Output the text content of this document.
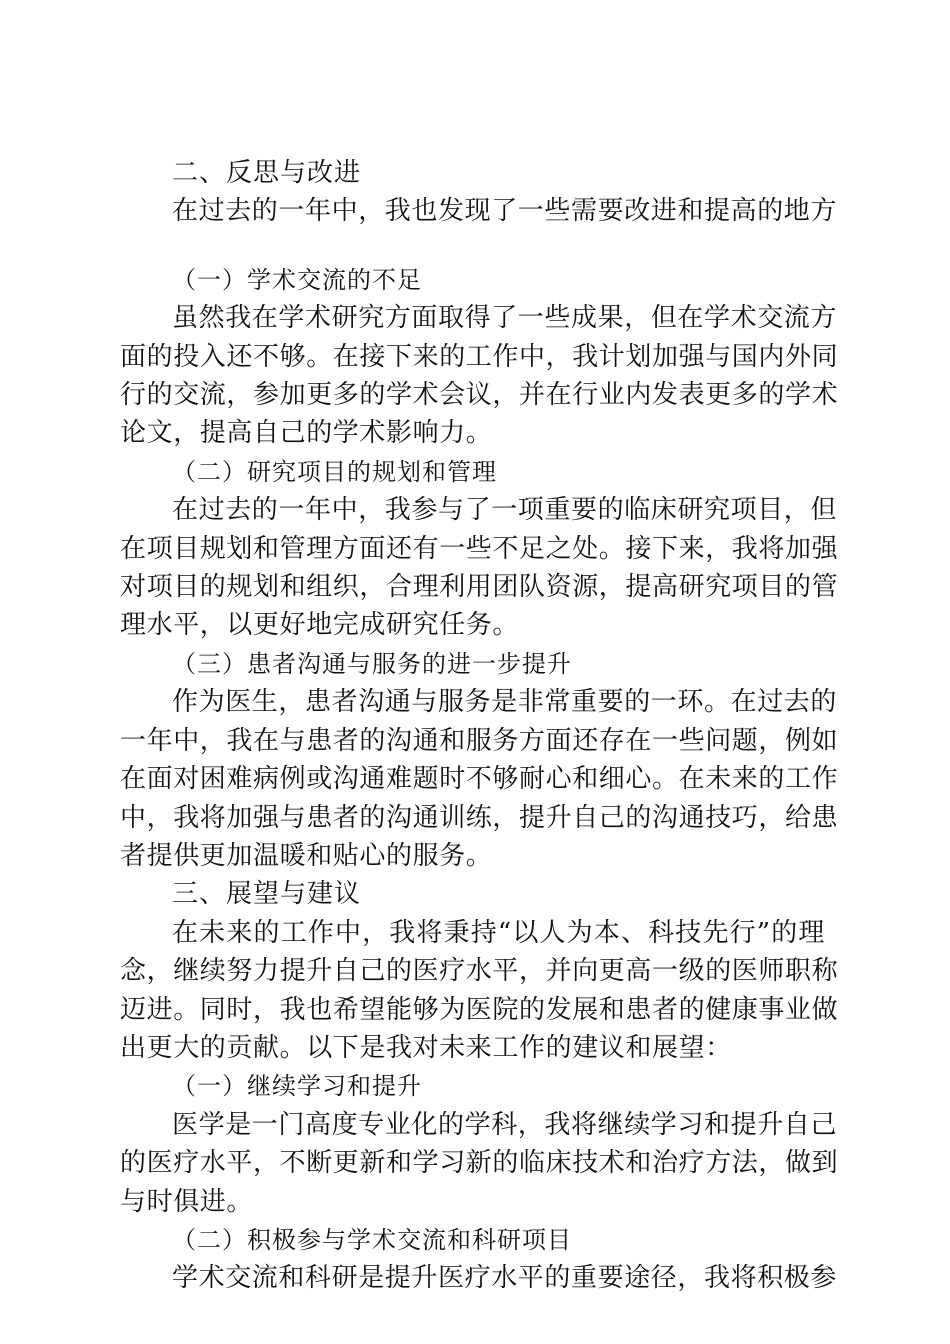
二、反思与改进
在过去的一年中，我也发现了一些需要改进和提高的地方
（一）学术交流的不足
虽然我在学术研究方面取得了一些成果，但在学术交流方
面的投入还不够。在接下来的工作中，我计划加强与国内外同
行的交流，参加更多的学术会议，并在行业内发表更多的学术
论文，提高自己的学术影响力。
（二）研究项目的规划和管理
在过去的一年中，我参与了一项重要的临床研究项目，但
在项目规划和管理方面还有一些不足之处。接下来，我将加强
对项目的规划和组织，合理利用团队资源，提高研究项目的管
理水平，以更好地完成研究任务。
（三）患者沟通与服务的进一步提升
作为医生，患者沟通与服务是非常重要的一环。在过去的
一年中，我在与患者的沟通和服务方面还存在一些问题，例如
在面对困难病例或沟通难题时不够耐心和细心。在未来的工作
中，我将加强与患者的沟通训练，提升自己的沟通技巧，给患
者提供更加温暖和贴心的服务。
三、展望与建议
在未来的工作中，我将秉持“以人为本、科技先行”的理
念，继续努力提升自己的医疗水平，并向更高一级的医师职称
迈进。同时，我也希望能够为医院的发展和患者的健康事业做
出更大的贡献。以下是我对未来工作的建议和展望：
（一）继续学习和提升
医学是一门高度专业化的学科，我将继续学习和提升自己
的医疗水平，不断更新和学习新的临床技术和治疗方法，做到
与时俱进。
（二）积极参与学术交流和科研项目
学术交流和科研是提升医疗水平的重要途径，我将积极参
